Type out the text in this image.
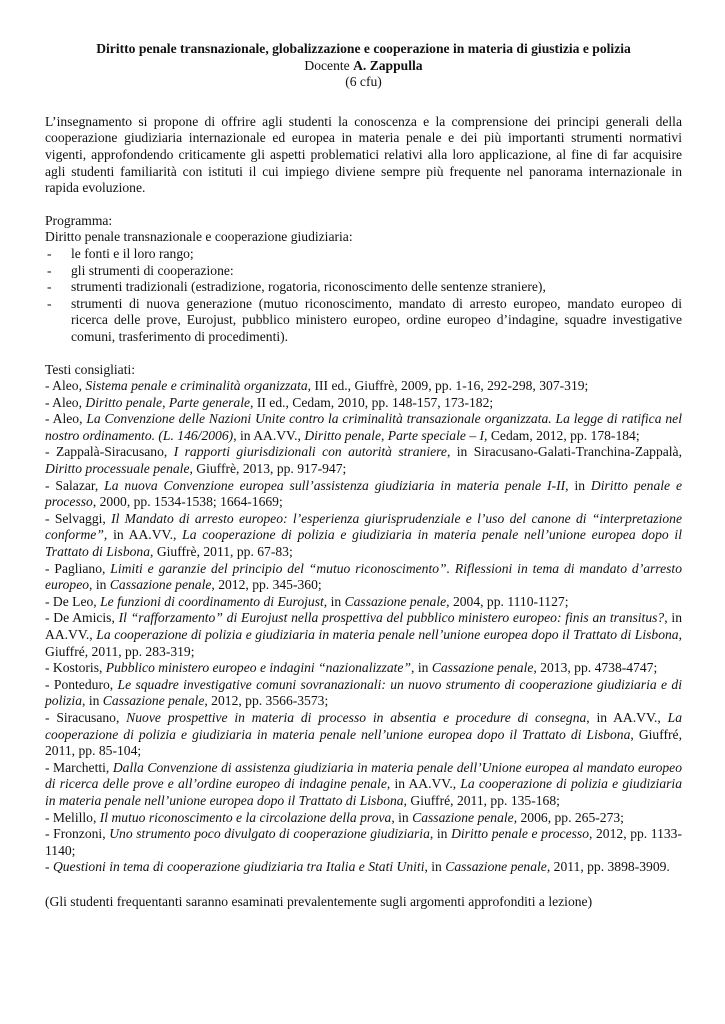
Diritto penale transnazionale, globalizzazione e cooperazione in materia di giustizia e polizia
Docente A. Zappulla
(6 cfu)

L’insegnamento si propone di offrire agli studenti la conoscenza e la comprensione dei principi generali della cooperazione giudiziaria internazionale ed europea in materia penale e dei più importanti strumenti normativi vigenti, approfondendo criticamente gli aspetti problematici relativi alla loro applicazione, al fine di far acquisire agli studenti familiarità con istituti il cui impiego diviene sempre più frequente nel panorama internazionale in rapida evoluzione.

Programma:

Diritto penale transnazionale e cooperazione giudiziaria:

- le fonti e il loro rango;
- gli strumenti di cooperazione:
- strumenti tradizionali (estradizione, rogatoria, riconoscimento delle sentenze straniere),
- strumenti di nuova generazione (mutuo riconoscimento, mandato di arresto europeo, mandato europeo di ricerca delle prove, Eurojust, pubblico ministero europeo, ordine europeo d’indagine, squadre investigative comuni, trasferimento di procedimenti).

Testi consigliati:

- Aleo, Sistema penale e criminalità organizzata, III ed., Giuffrè, 2009, pp. 1-16, 292-298, 307-319;

- Aleo, Diritto penale, Parte generale, II ed., Cedam, 2010, pp. 148-157, 173-182;

- Aleo, La Convenzione delle Nazioni Unite contro la criminalità transazionale organizzata. La legge di ratifica nel nostro ordinamento. (L. 146/2006), in AA.VV., Diritto penale, Parte speciale – I, Cedam, 2012, pp. 178-184;

- Zappalà-Siracusano, I rapporti giurisdizionali con autorità straniere, in Siracusano-Galati-Tranchina-Zappalà, Diritto processuale penale, Giuffrè, 2013, pp. 917-947;

- Salazar, La nuova Convenzione europea sull’assistenza giudiziaria in materia penale I-II, in Diritto penale e processo, 2000, pp. 1534-1538; 1664-1669;

- Selvaggi, Il Mandato di arresto europeo: l’esperienza giurisprudenziale e l’uso del canone di “interpretazione conforme”, in AA.VV., La cooperazione di polizia e giudiziaria in materia penale nell’unione europea dopo il Trattato di Lisbona, Giuffrè, 2011, pp. 67-83;

- Pagliano, Limiti e garanzie del principio del “mutuo riconoscimento”. Riflessioni in tema di mandato d’arresto europeo, in Cassazione penale, 2012, pp. 345-360;

- De Leo, Le funzioni di coordinamento di Eurojust, in Cassazione penale, 2004, pp. 1110-1127;

- De Amicis, Il “rafforzamento” di Eurojust nella prospettiva del pubblico ministero europeo: finis an transitus?, in AA.VV., La cooperazione di polizia e giudiziaria in materia penale nell’unione europea dopo il Trattato di Lisbona, Giuffré, 2011, pp. 283-319;

- Kostoris, Pubblico ministero europeo e indagini “nazionalizzate”, in Cassazione penale, 2013, pp. 4738-4747;

- Ponteduro, Le squadre investigative comuni sovranazionali: un nuovo strumento di cooperazione giudiziaria e di polizia, in Cassazione penale, 2012, pp. 3566-3573;

- Siracusano, Nuove prospettive in materia di processo in absentia e procedure di consegna, in AA.VV., La cooperazione di polizia e giudiziaria in materia penale nell’unione europea dopo il Trattato di Lisbona, Giuffré, 2011, pp. 85-104;

- Marchetti, Dalla Convenzione di assistenza giudiziaria in materia penale dell’Unione europea al mandato europeo di ricerca delle prove e all’ordine europeo di indagine penale, in AA.VV., La cooperazione di polizia e giudiziaria in materia penale nell’unione europea dopo il Trattato di Lisbona, Giuffré, 2011, pp. 135-168;

- Melillo, Il mutuo riconoscimento e la circolazione della prova, in Cassazione penale, 2006, pp. 265-273;

- Fronzoni, Uno strumento poco divulgato di cooperazione giudiziaria, in Diritto penale e processo, 2012, pp. 1133-1140;

- Questioni in tema di cooperazione giudiziaria tra Italia e Stati Uniti, in Cassazione penale, 2011, pp. 3898-3909.

(Gli studenti frequentanti saranno esaminati prevalentemente sugli argomenti approfonditi a lezione)
